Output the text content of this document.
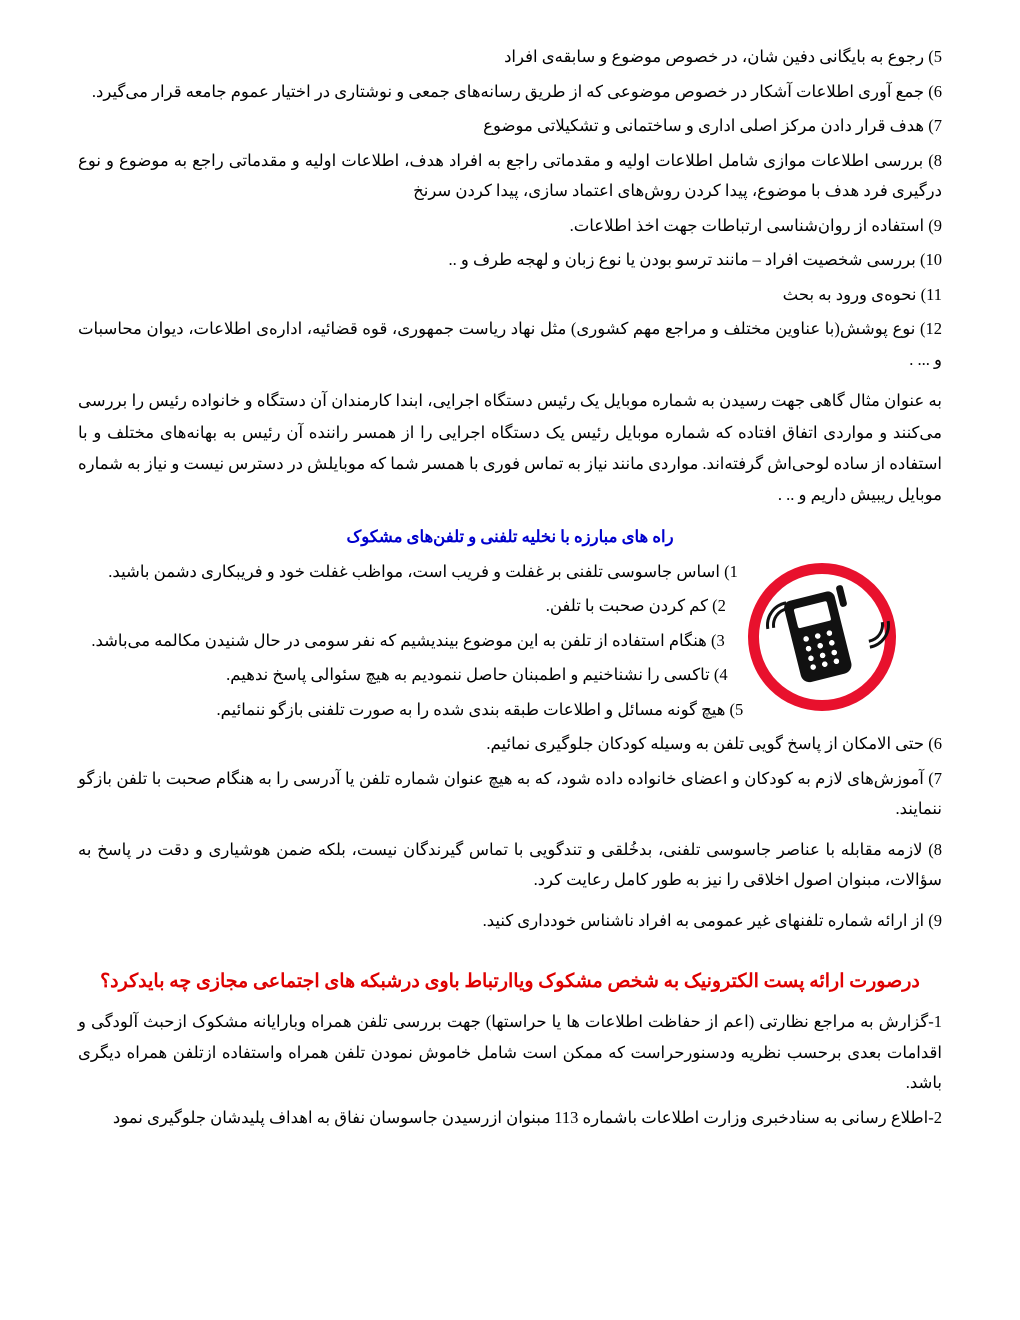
5) رجوع به بایگانی دفین شان، در خصوص موضوع و سابقه‌ی افراد

6) جمع آوری اطلاعات آشکار در خصوص موضوعی که از طریق رسانه‌های جمعی و نوشتاری در اختیار عموم جامعه قرار می‌گیرد.

7) هدف قرار دادن مرکز اصلی اداری و ساختمانی و تشکیلاتی موضوع

8) بررسی اطلاعات موازی شامل اطلاعات اولیه و مقدماتی راجع به افراد هدف، اطلاعات اولیه و مقدماتی راجع به موضوع و نوع درگیری فرد هدف با موضوع، پیدا کردن روش‌های اعتماد سازی، پیدا کردن سرنخ

9) استفاده از روان‌شناسی ارتباطات جهت اخذ اطلاعات.

10) بررسی شخصیت افراد – مانند ترسو بودن یا نوع زبان و لهجه طرف و ..

11) نحوه‌ی ورود به بحث

12) نوع پوشش(با عناوین مختلف و مراجع مهم کشوری) مثل نهاد ریاست جمهوری، قوه قضائیه، اداره‌ی اطلاعات، دیوان محاسبات و ... .

به عنوان مثال گاهی جهت رسیدن به شماره موبایل یک رئیس دستگاه اجرایی، ابندا کارمندان آن دستگاه و خانواده رئیس را بررسی می‌کنند و مواردی اتفاق افتاده که شماره موبایل رئیس یک دستگاه اجرایی را از همسر راننده آن رئیس به بهانه‌های مختلف و با استفاده از ساده لوحی‌اش گرفته‌اند. مواردی مانند نیاز به تماس فوری با همسر شما که موبایلش در دسترس نیست و نیاز به شماره موبایل ریبیش داریم و .. .

راه های مبارزه با نخلیه تلفنی و تلفن‌های مشکوک

1) اساس جاسوسی تلفنی بر غفلت و فریب است، مواظب غفلت خود و فریبکاری دشمن باشید.

2) کم کردن صحبت با تلفن.

3) هنگام استفاده از تلفن به این موضوع بیندیشیم که نفر سومی در حال شنیدن مکالمه می‌باشد.

4) تاکسی را نشناخنیم و اطمبنان حاصل ننمودیم به هیچ سئوالی پاسخ ندهیم.

5) هیچ گونه مسائل و اطلاعات طبقه بندی شده را به صورت تلفنی بازگو ننمائیم.

6) حتی الامکان از پاسخ گویی تلفن به وسیله کودکان جلوگیری نمائیم.

7) آموزش‌های لازم به کودکان و اعضای خانواده داده شود، که به هیچ عنوان شماره تلفن یا آدرسی را به هنگام صحبت با تلفن بازگو ننمایند.

8) لازمه مقابله با عناصر جاسوسی تلفنی، بدخُلقی و تندگویی با تماس گیرندگان نیست، بلکه ضمن هوشیاری و دقت در پاسخ به سؤالات، مبنوان اصول اخلاقی را نیز به طور کامل رعایت کرد.

9) از ارائه شماره تلفنهای غیر عمومی به افراد ناشناس خودداری کنید.

درصورت ارائه پست الکترونیک به شخص مشکوک ویاارتباط باوی درشبکه های اجتماعی مجازی چه بایدکرد؟

1-گزارش به مراجع نظارتی (اعم از حفاظت اطلاعات ها یا حراستها) جهت بررسی تلفن همراه وبارایانه مشکوک ازحبث آلودگی و اقدامات بعدی برحسب نظریه ودسنورحراست که ممکن است شامل خاموش نمودن تلفن همراه واستفاده ازتلفن همراه دیگری باشد.

2-اطلاع رسانی به سنادخبری وزارت اطلاعات باشماره 113 مبنوان ازرسیدن جاسوسان نفاق به اهداف پلیدشان جلوگیری نمود
